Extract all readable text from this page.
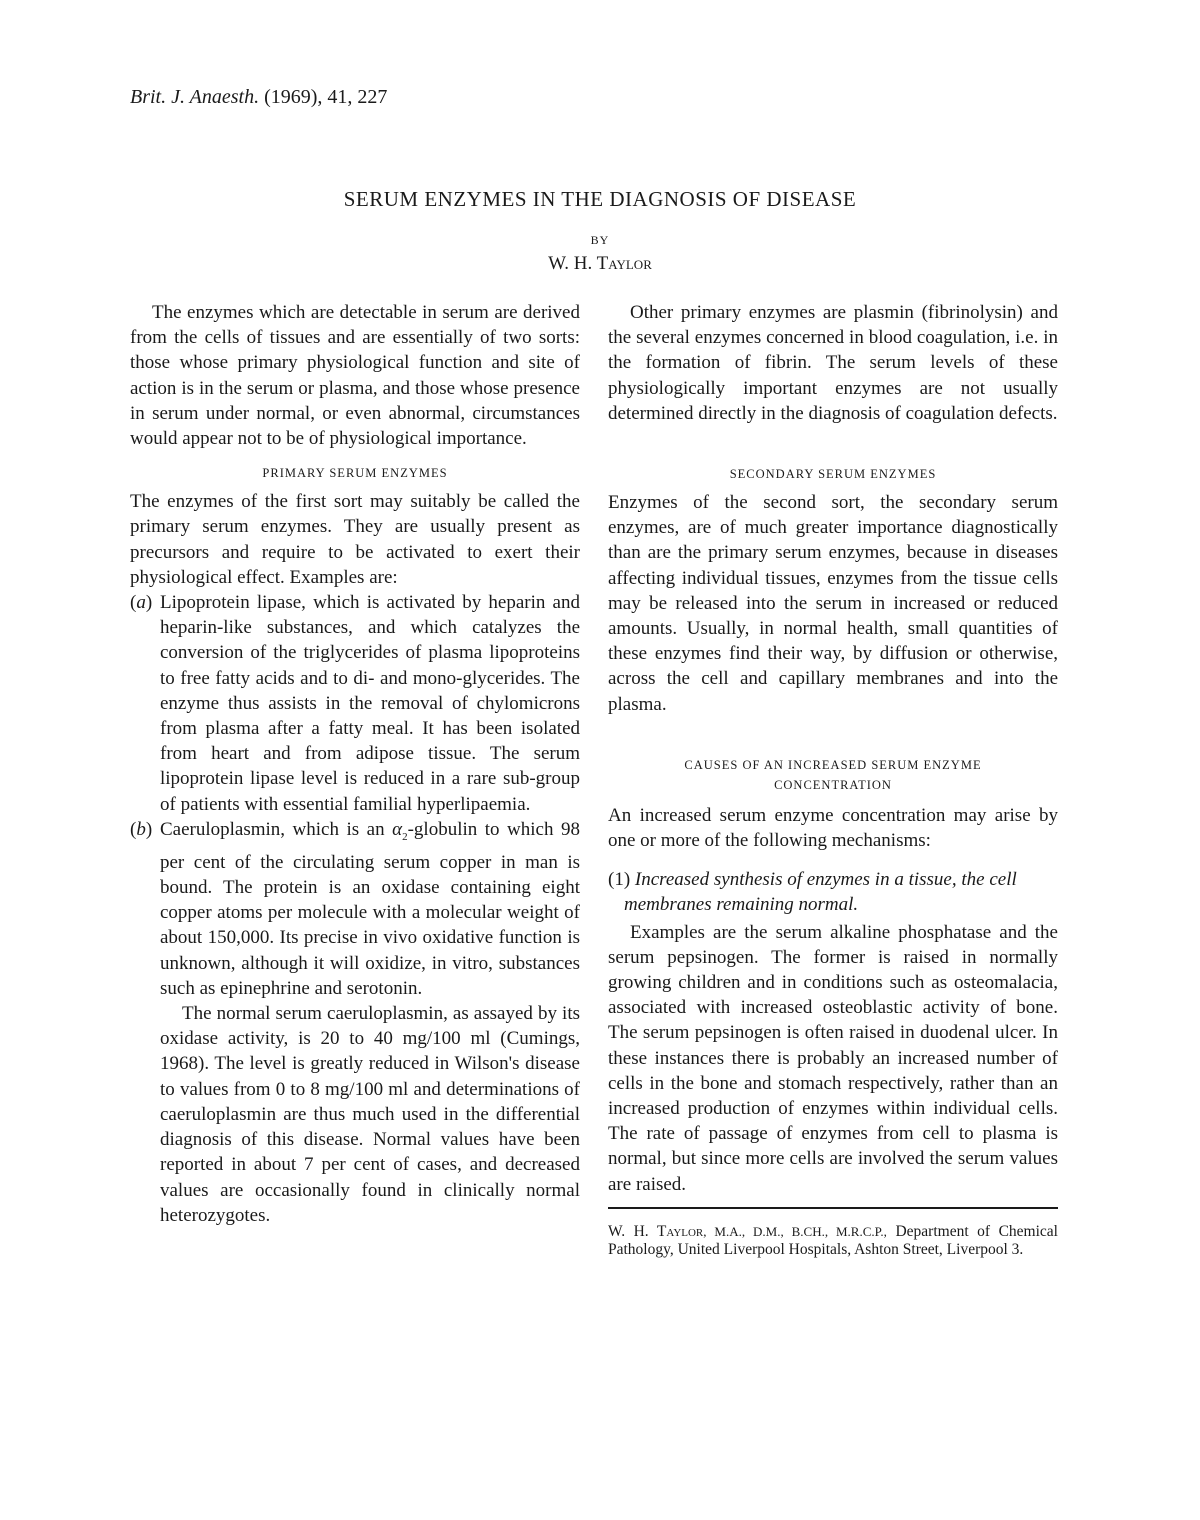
Brit. J. Anaesth. (1969), 41, 227
SERUM ENZYMES IN THE DIAGNOSIS OF DISEASE
BY
W. H. Taylor

The enzymes which are detectable in serum are derived from the cells of tissues and are essentially of two sorts: those whose primary physiological function and site of action is in the serum or plasma, and those whose presence in serum under normal, or even abnormal, circumstances would appear not to be of physiological importance.

PRIMARY SERUM ENZYMES

The enzymes of the first sort may suitably be called the primary serum enzymes. They are usually present as precursors and require to be activated to exert their physiological effect. Examples are:

(a) Lipoprotein lipase, which is activated by heparin and heparin-like substances, and which catalyzes the conversion of the triglycerides of plasma lipoproteins to free fatty acids and to di- and mono-glycerides. The enzyme thus assists in the removal of chylomicrons from plasma after a fatty meal. It has been isolated from heart and from adipose tissue. The serum lipoprotein lipase level is reduced in a rare sub-group of patients with essential familial hyperlipaemia.
(b) Caeruloplasmin, which is an $\alpha_2$-globulin to which 98 per cent of the circulating serum copper in man is bound. The protein is an oxidase containing eight copper atoms per molecule with a molecular weight of about 150,000. Its precise in vivo oxidative function is unknown, although it will oxidize, in vitro, substances such as epinephrine and serotonin.

The normal serum caeruloplasmin, as assayed by its oxidase activity, is 20 to 40 mg/100 ml (Cumings, 1968). The level is greatly reduced in Wilson's disease to values from 0 to 8 mg/100 ml and determinations of caeruloplasmin are thus much used in the differential diagnosis of this disease. Normal values have been reported in about 7 per cent of cases, and decreased values are occasionally found in clinically normal heterozygotes.

Other primary enzymes are plasmin (fibrinolysin) and the several enzymes concerned in blood coagulation, i.e. in the formation of fibrin. The serum levels of these physiologically important enzymes are not usually determined directly in the diagnosis of coagulation defects.

SECONDARY SERUM ENZYMES

Enzymes of the second sort, the secondary serum enzymes, are of much greater importance diagnostically than are the primary serum enzymes, because in diseases affecting individual tissues, enzymes from the tissue cells may be released into the serum in increased or reduced amounts. Usually, in normal health, small quantities of these enzymes find their way, by diffusion or otherwise, across the cell and capillary membranes and into the plasma.

CAUSES OF AN INCREASED SERUM ENZYME CONCENTRATION

An increased serum enzyme concentration may arise by one or more of the following mechanisms:

(1) Increased synthesis of enzymes in a tissue, the cell membranes remaining normal.

Examples are the serum alkaline phosphatase and the serum pepsinogen. The former is raised in normally growing children and in conditions such as osteomalacia, associated with increased osteoblastic activity of bone. The serum pepsinogen is often raised in duodenal ulcer. In these instances there is probably an increased number of cells in the bone and stomach respectively, rather than an increased production of enzymes within individual cells. The rate of passage of enzymes from cell to plasma is normal, but since more cells are involved the serum values are raised.

W. H. Taylor, M.A., D.M., B.CH., M.R.C.P., Department of Chemical Pathology, United Liverpool Hospitals, Ashton Street, Liverpool 3.
